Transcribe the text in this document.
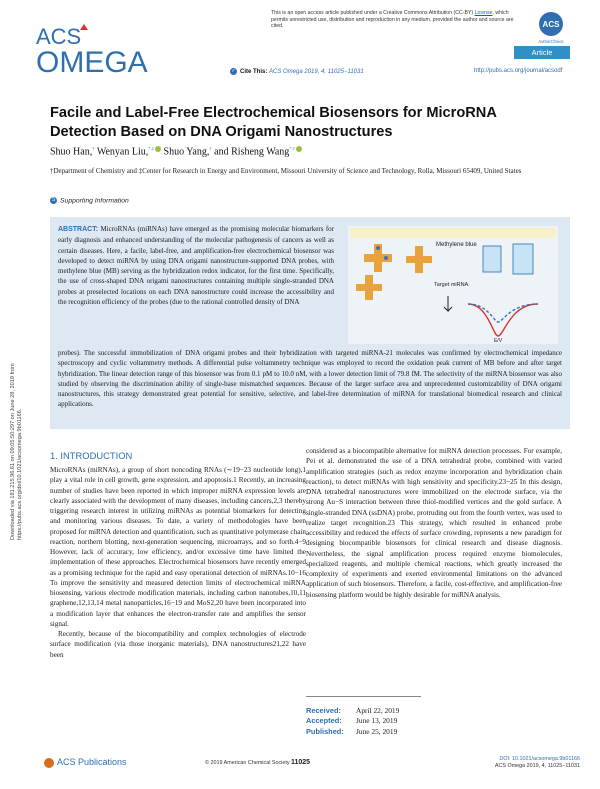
ACS
OMEGA
This is an open access article published under a Creative Commons Attribution (CC-BY) License, which permits unrestricted use, distribution and reproduction in any medium, provided the author and source are cited.	ACS
AuthorChoice
Article
✓ Cite This: ACS Omega 2019, 4, 11025−11031	http://pubs.acs.org/journal/acsodf
Downloaded via 181.215.96.61 on 09:05:50:297 on June 28, 2019 from https://pubs.acs.org/doi/10.1021/acsomega.9b01166.
Facile and Label-Free Electrochemical Biosensors for MicroRNA Detection Based on DNA Origami Nanostructures
Shuo Han,† Wenyan Liu,*,‡ Shuo Yang,† and Risheng Wang*,†
†Department of Chemistry and ‡Center for Research in Energy and Environment, Missouri University of Science and Technology, Rolla, Missouri 65409, United States
S Supporting Information
ABSTRACT: MicroRNAs (miRNAs) have emerged as the promising molecular biomarkers for early diagnosis and enhanced understanding of the molecular pathogenesis of cancers as well as certain diseases. Here, a facile, label-free, and amplification-free electrochemical biosensor was developed to detect miRNA by using DNA origami nanostructure-supported DNA probes, with methylene blue (MB) serving as the hybridization redox indicator, for the first time. Specifically, the use of cross-shaped DNA origami nanostructures containing multiple single-stranded DNA probes at preselected locations on each DNA nanostructure could increase the accessibility and the recognition efficiency of the probes (due to the rational controlled density of DNA
probes). The successful immobilization of DNA origami probes and their hybridization with targeted miRNA-21 molecules was confirmed by electrochemical impedance spectroscopy and cyclic voltammetry methods. A differential pulse voltammetry technique was employed to record the oxidation peak current of MB before and after target hybridization. The linear detection range of this biosensor was from 0.1 pM to 10.0 nM, with a lower detection limit of 79.8 fM. The selectivity of the miRNA biosensor was also studied by observing the discrimination ability of single-base mismatched sequences. Because of the larger surface area and unprecedented customizability of DNA origami nanostructures, this strategy demonstrated great potential for sensitive, selective, and label-free determination of miRNA for translational biomedical research and clinical applications.
Methylene blue
Target miRNA
E/V
1. INTRODUCTION

MicroRNAs (miRNAs), a group of short noncoding RNAs (∼19−23 nucleotide long),1 play a vital role in cell growth, gene expression, and apoptosis.1 Recently, an increasing number of studies have been reported in which improper miRNA expression levels are clearly associated with the development of many diseases, including cancers,2,3 thereby triggering research interest in utilizing miRNAs as potential biomarkers for detecting and monitoring various diseases. To date, a variety of methodologies have been proposed for miRNA detection and quantification, such as quantitative polymerase chain reaction, northern blotting, next-generation sequencing, microarrays, and so forth.4−9 However, lack of accuracy, low efficiency, and/or excessive time have limited the implementation of these approaches. Electrochemical biosensors have recently emerged as a promising technique for the rapid and easy operational detection of miRNAs.10−16 To improve the sensitivity and measured detection limits of electrochemical miRNA biosensing, various electrode modification materials, including carbon nanotubes,10,11 graphene,12,13,14 metal nanoparticles,16−19 and MoS2,20 have been incorporated into a modification layer that enhances the electron-transfer rate and amplifies the sensor signal.

Recently, because of the biocompatibility and complex technologies of electrode surface modification (via those inorganic materials), DNA nanostructures21,22 have been

considered as a biocompatible alternative for miRNA detection processes. For example, Pei et al. demonstrated the use of a DNA tetrahedral probe, combined with varied amplification strategies (such as redox enzyme incorporation and hybridization chain reaction), to detect miRNAs with high sensitivity and specificity.23−25 In this design, DNA tetrahedral nanostructures were immobilized on the electrode surface, via the strong Au−S interaction between three thiol-modified vertices and the gold surface. A single-stranded DNA (ssDNA) probe, protruding out from the fourth vertex, was used to realize target recognition.23 This strategy, which resulted in enhanced probe accessibility and reduced the effects of surface crowding, represents a new paradigm for designing biocompatible biosensors for clinical research and disease diagnosis. Nevertheless, the signal amplification process required enzyme biomolecules, specialized reagents, and multiple chemical reactions, which greatly increased the complexity of experiments and exerted environmental limitations on the advanced application of such biosensors. Therefore, a facile, cost-effective, and amplification-free biosensing platform would be highly desirable for miRNA analysis.

Received: April 22, 2019
Accepted: June 13, 2019
Published: June 25, 2019
ACS Publications	© 2019 American Chemical Society 11025	DOI: 10.1021/acsomega.9b01166
ACS Omega 2019, 4, 11025−11031
